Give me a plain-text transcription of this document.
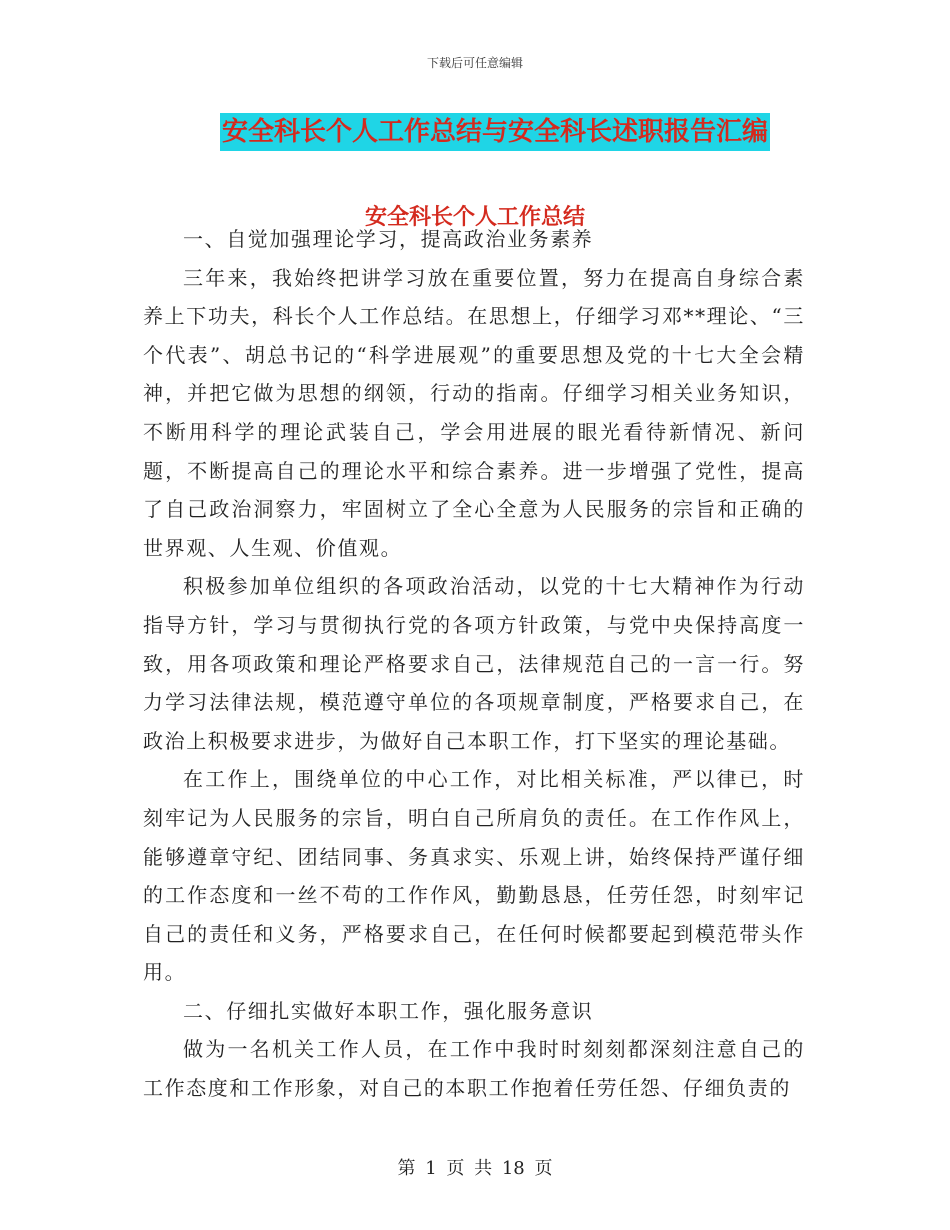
下载后可任意编辑
安全科长个人工作总结与安全科长述职报告汇编
安全科长个人工作总结

一、自觉加强理论学习，提高政治业务素养

三年来，我始终把讲学习放在重要位置，努力在提高自身综合素养上下功夫，科长个人工作总结。在思想上，仔细学习邓**理论、“三个代表”、胡总书记的“科学进展观”的重要思想及党的十七大全会精神，并把它做为思想的纲领，行动的指南。仔细学习相关业务知识，不断用科学的理论武装自己，学会用进展的眼光看待新情况、新问题，不断提高自己的理论水平和综合素养。进一步增强了党性，提高了自己政治洞察力，牢固树立了全心全意为人民服务的宗旨和正确的世界观、人生观、价值观。

积极参加单位组织的各项政治活动，以党的十七大精神作为行动指导方针，学习与贯彻执行党的各项方针政策，与党中央保持高度一致，用各项政策和理论严格要求自己，法律规范自己的一言一行。努力学习法律法规，模范遵守单位的各项规章制度，严格要求自己，在政治上积极要求进步，为做好自己本职工作，打下坚实的理论基础。

在工作上，围绕单位的中心工作，对比相关标准，严以律已，时刻牢记为人民服务的宗旨，明白自己所肩负的责任。在工作作风上，能够遵章守纪、团结同事、务真求实、乐观上讲，始终保持严谨仔细的工作态度和一丝不苟的工作作风，勤勤恳恳，任劳任怨，时刻牢记自己的责任和义务，严格要求自己，在任何时候都要起到模范带头作用。

二、仔细扎实做好本职工作，强化服务意识

做为一名机关工作人员，在工作中我时时刻刻都深刻注意自己的工作态度和工作形象，对自己的本职工作抱着任劳任怨、仔细负责的

第 1 页 共 18 页
